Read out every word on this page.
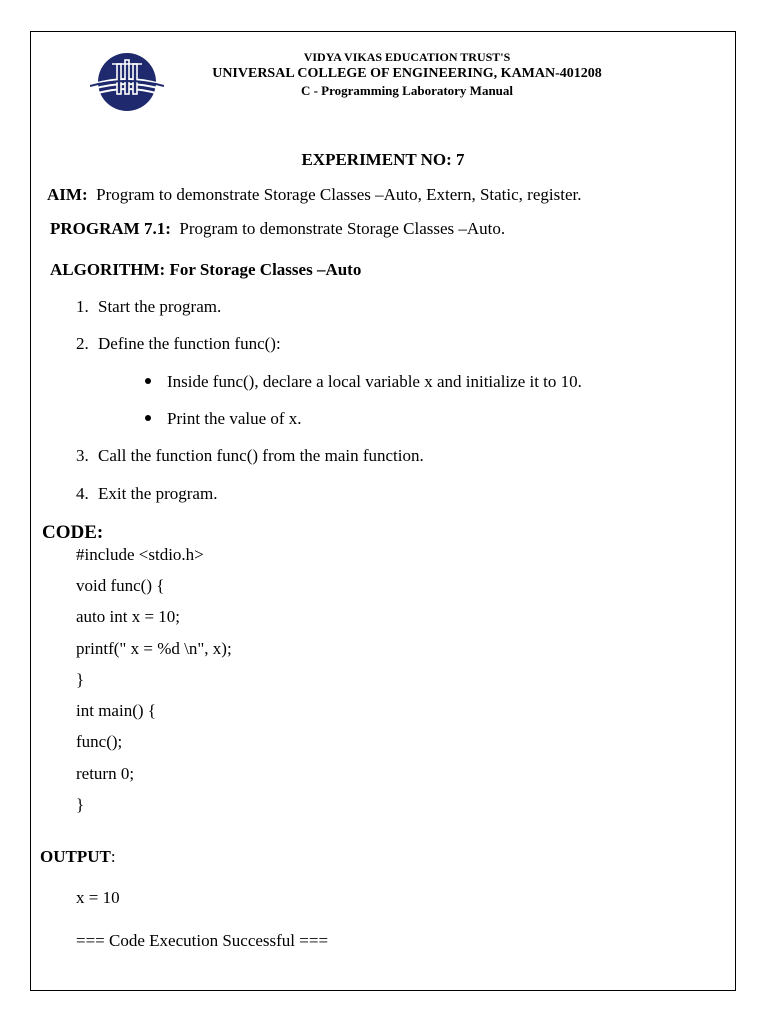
VIDYA VIKAS EDUCATION TRUST'S
UNIVERSAL COLLEGE OF ENGINEERING, KAMAN-401208
C - Programming Laboratory Manual
EXPERIMENT NO: 7
AIM: Program to demonstrate Storage Classes –Auto, Extern, Static, register.
PROGRAM 7.1: Program to demonstrate Storage Classes –Auto.
ALGORITHM: For Storage Classes –Auto
1. Start the program.
2. Define the function func():
Inside func(), declare a local variable x and initialize it to 10.
Print the value of x.
3. Call the function func() from the main function.
4. Exit the program.
CODE:
#include <stdio.h>
void func() {
auto int x = 10;
printf(" x = %d \n", x);
}
int main() {
func();
return 0;
}
OUTPUT:
x = 10
=== Code Execution Successful ===
